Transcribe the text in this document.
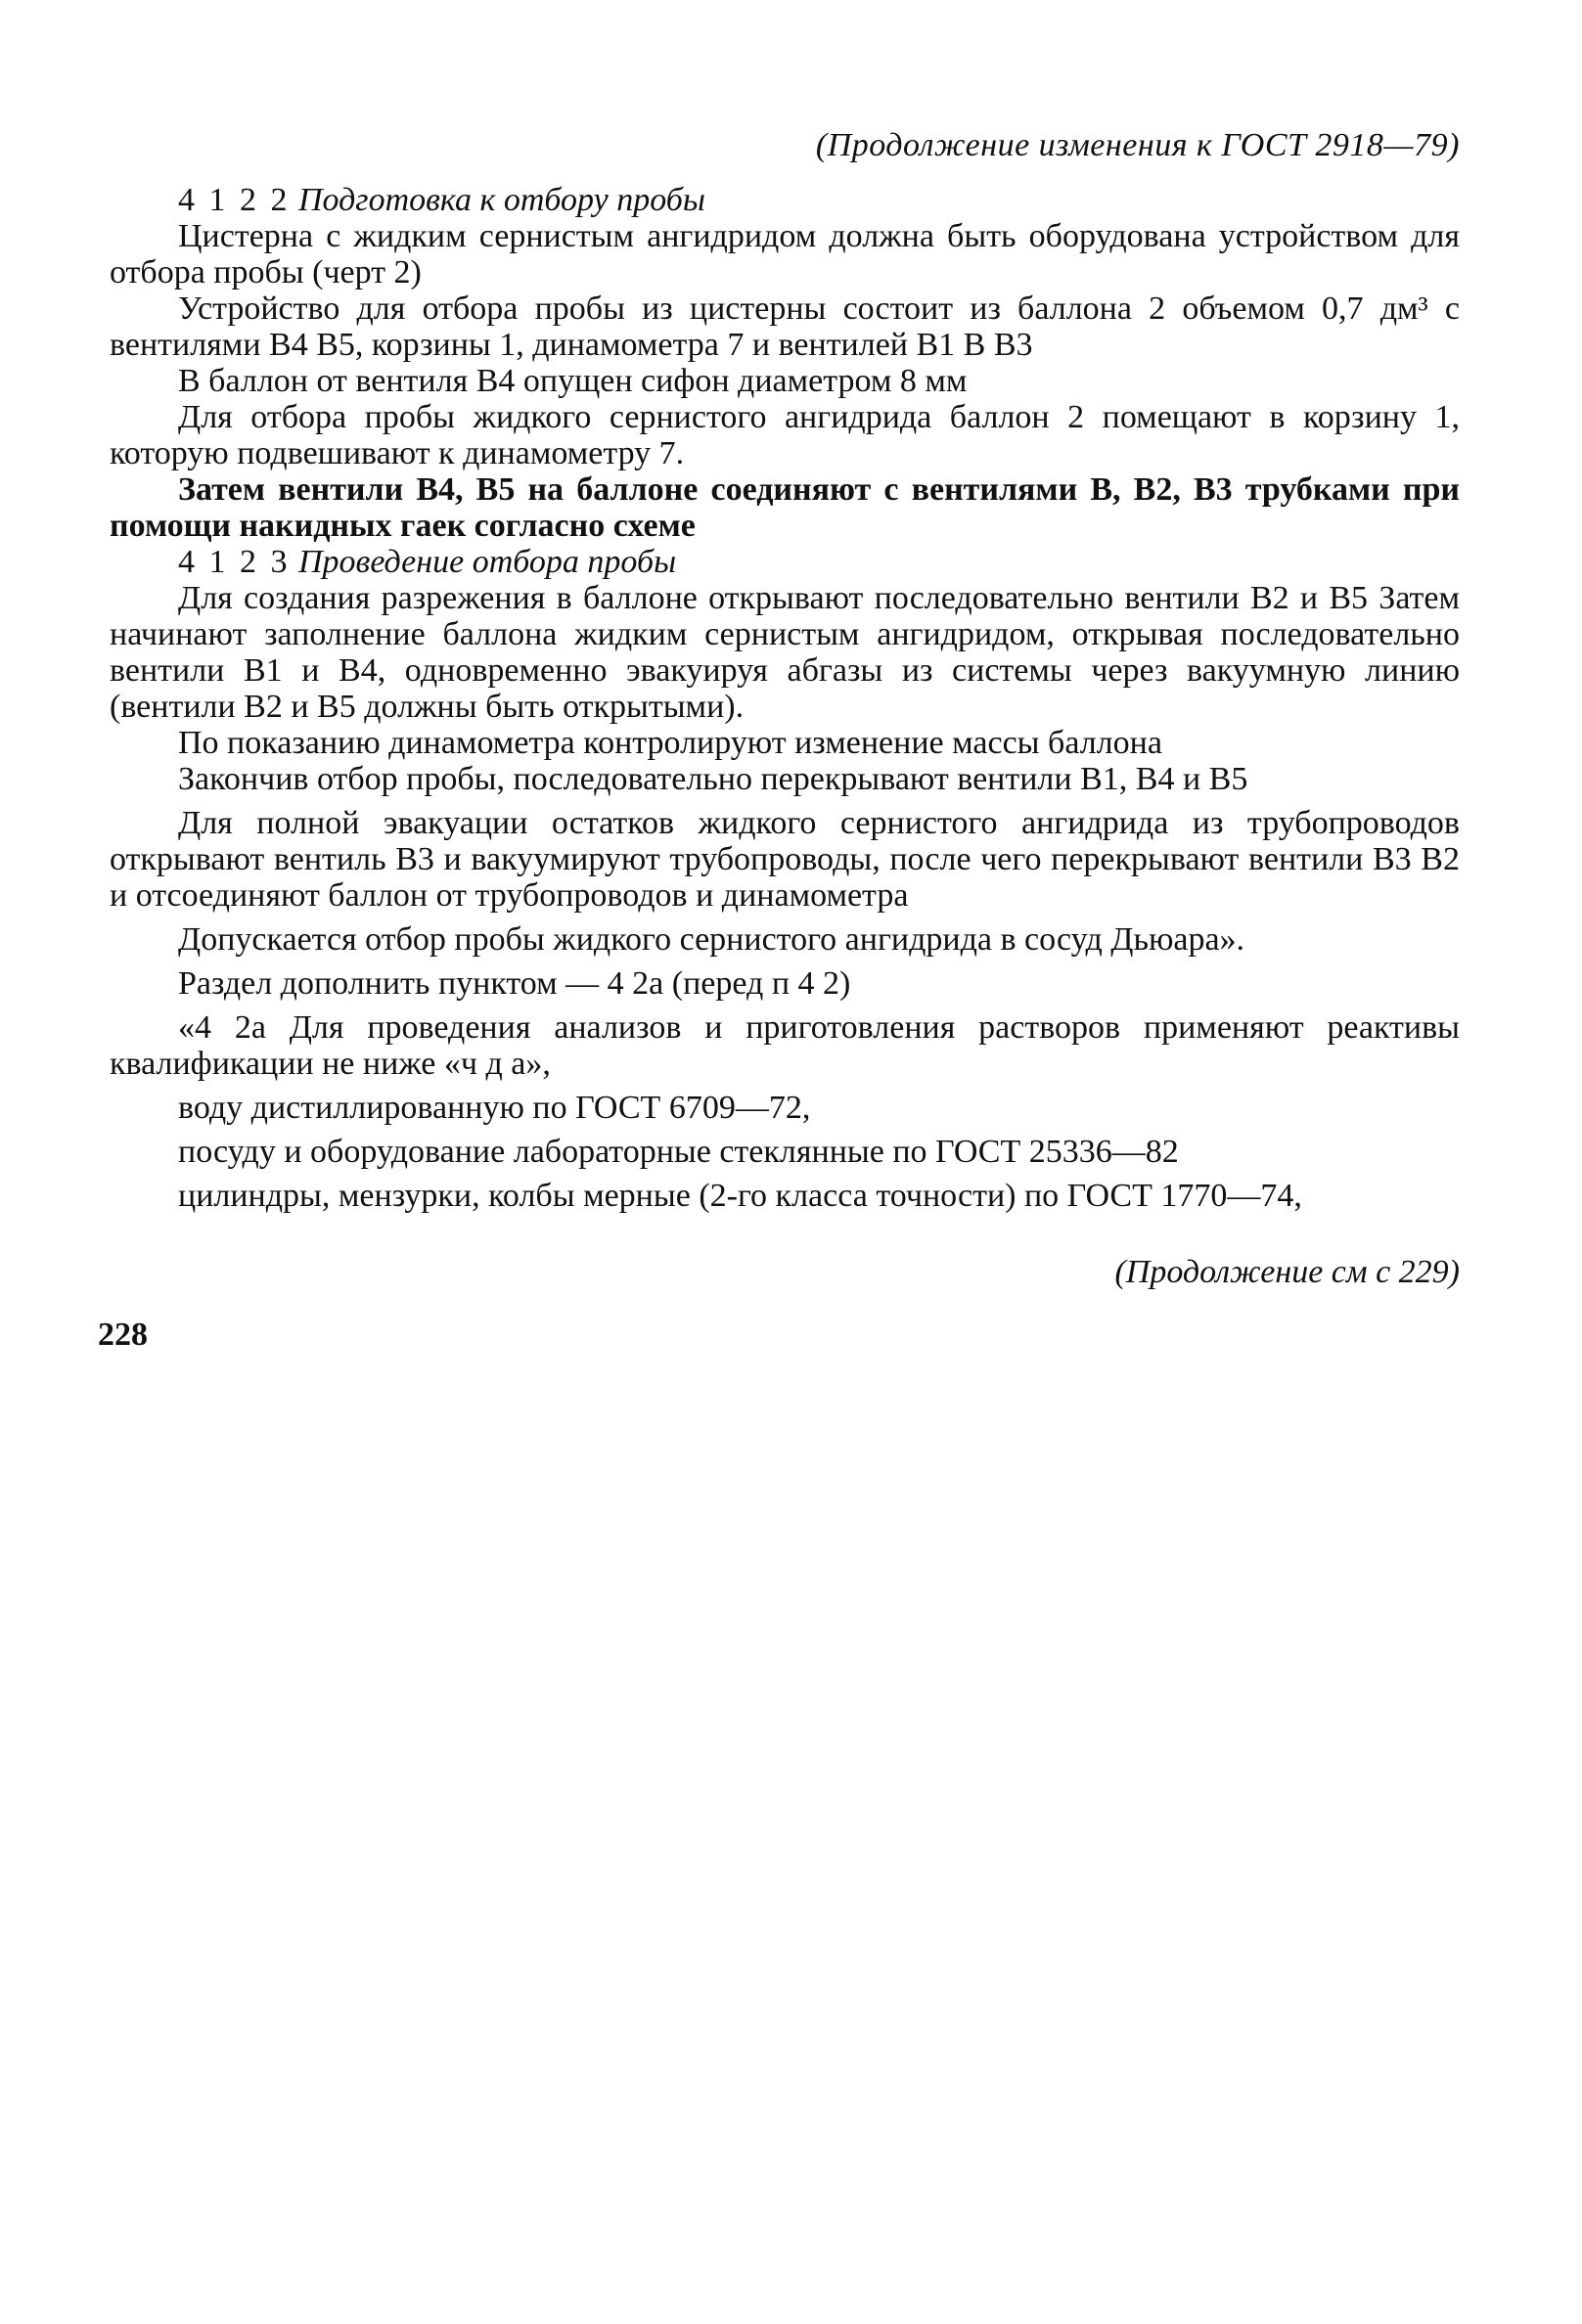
(Продолжение изменения к ГОСТ 2918—79)

4 1 2 2 Подготовка к отбору пробы

Цистерна с жидким сернистым ангидридом должна быть оборудована устройством для отбора пробы (черт 2)

Устройство для отбора пробы из цистерны состоит из баллона 2 объемом 0,7 дм³ с вентилями В4 В5, корзины 1, динамометра 7 и вентилей В1 В В3

В баллон от вентиля В4 опущен сифон диаметром 8 мм

Для отбора пробы жидкого сернистого ангидрида баллон 2 помещают в корзину 1, которую подвешивают к динамометру 7.

Затем вентили В4, В5 на баллоне соединяют с вентилями В, В2, В3 трубками при помощи накидных гаек согласно схеме

4 1 2 3 Проведение отбора пробы

Для создания разрежения в баллоне открывают последовательно вентили В2 и В5 Затем начинают заполнение баллона жидким сернистым ангидридом, открывая последовательно вентили В1 и В4, одновременно эвакуируя абгазы из системы через вакуумную линию (вентили В2 и В5 должны быть открытыми).

По показанию динамометра контролируют изменение массы баллона

Закончив отбор пробы, последовательно перекрывают вентили В1, В4 и В5

Для полной эвакуации остатков жидкого сернистого ангидрида из трубопроводов открывают вентиль В3 и вакуумируют трубопроводы, после чего перекрывают вентили В3 В2 и отсоединяют баллон от трубопроводов и динамометра

Допускается отбор пробы жидкого сернистого ангидрида в сосуд Дьюара».

Раздел дополнить пунктом — 4 2а (перед п 4 2)

«4 2а Для проведения анализов и приготовления растворов применяют реактивы квалификации не ниже «ч д а»,

воду дистиллированную по ГОСТ 6709—72,

посуду и оборудование лабораторные стеклянные по ГОСТ 25336—82

цилиндры, мензурки, колбы мерные (2-го класса точности) по ГОСТ 1770—74,

(Продолжение см с 229)
228
